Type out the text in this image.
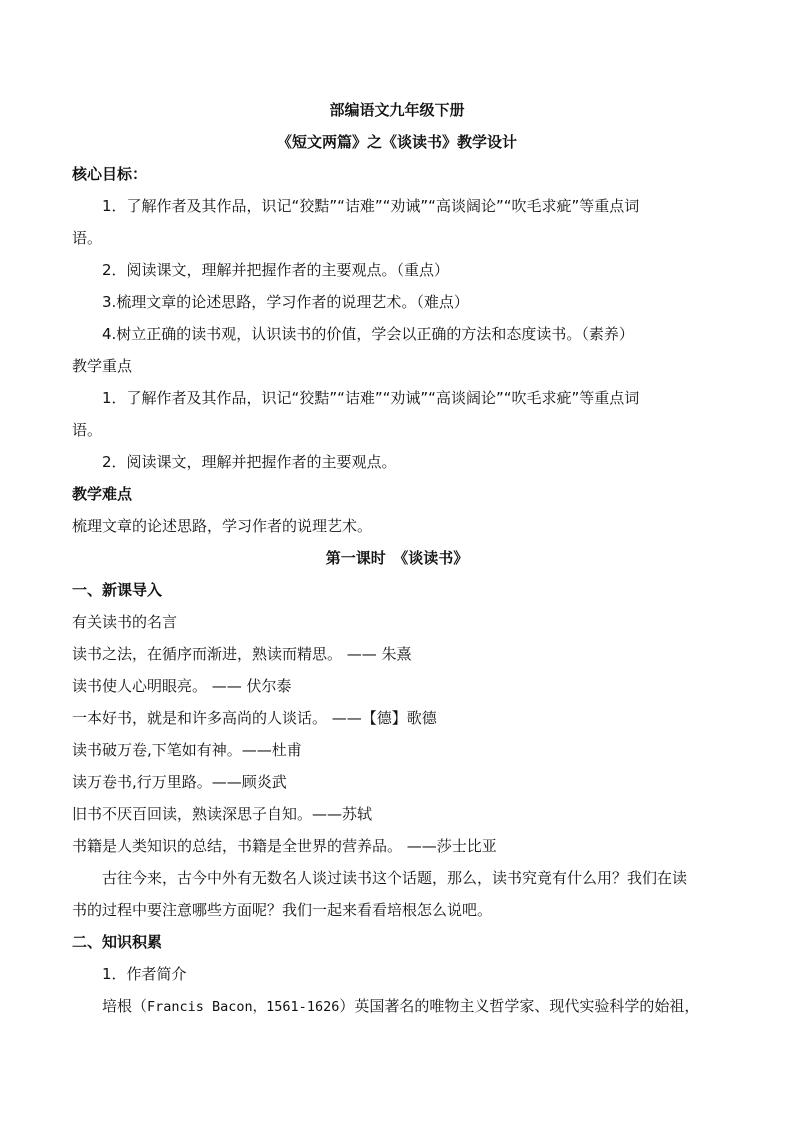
部编语文九年级下册
《短文两篇》之《谈读书》教学设计
核心目标：
1．了解作者及其作品，识记“狡黠”“诘难”“劝诫”“高谈阔论”“吹毛求疵”等重点词
语。
2．阅读课文，理解并把握作者的主要观点。（重点）
3.梳理文章的论述思路，学习作者的说理艺术。（难点）
4.树立正确的读书观，认识读书的价值，学会以正确的方法和态度读书。（素养）
教学重点
1．了解作者及其作品，识记“狡黠”“诘难”“劝诫”“高谈阔论”“吹毛求疵”等重点词
语。
2．阅读课文，理解并把握作者的主要观点。
教学难点
梳理文章的论述思路，学习作者的说理艺术。
第一课时　《谈读书》
一、新课导入
有关读书的名言
读书之法，在循序而渐进，熟读而精思。 —— 朱熹
读书使人心明眼亮。 —— 伏尔泰
一本好书，就是和许多高尚的人谈话。 ——【德】歌德
读书破万卷,下笔如有神。——杜甫
读万卷书,行万里路。——顾炎武
旧书不厌百回读，熟读深思子自知。——苏轼
书籍是人类知识的总结，书籍是全世界的营养品。 ——莎士比亚
古往今来，古今中外有无数名人谈过读书这个话题，那么，读书究竟有什么用？我们在读
书的过程中要注意哪些方面呢？我们一起来看看培根怎么说吧。
二、知识积累
1．作者简介
培根（Francis Bacon，1561-1626）英国著名的唯物主义哲学家、现代实验科学的始祖，
